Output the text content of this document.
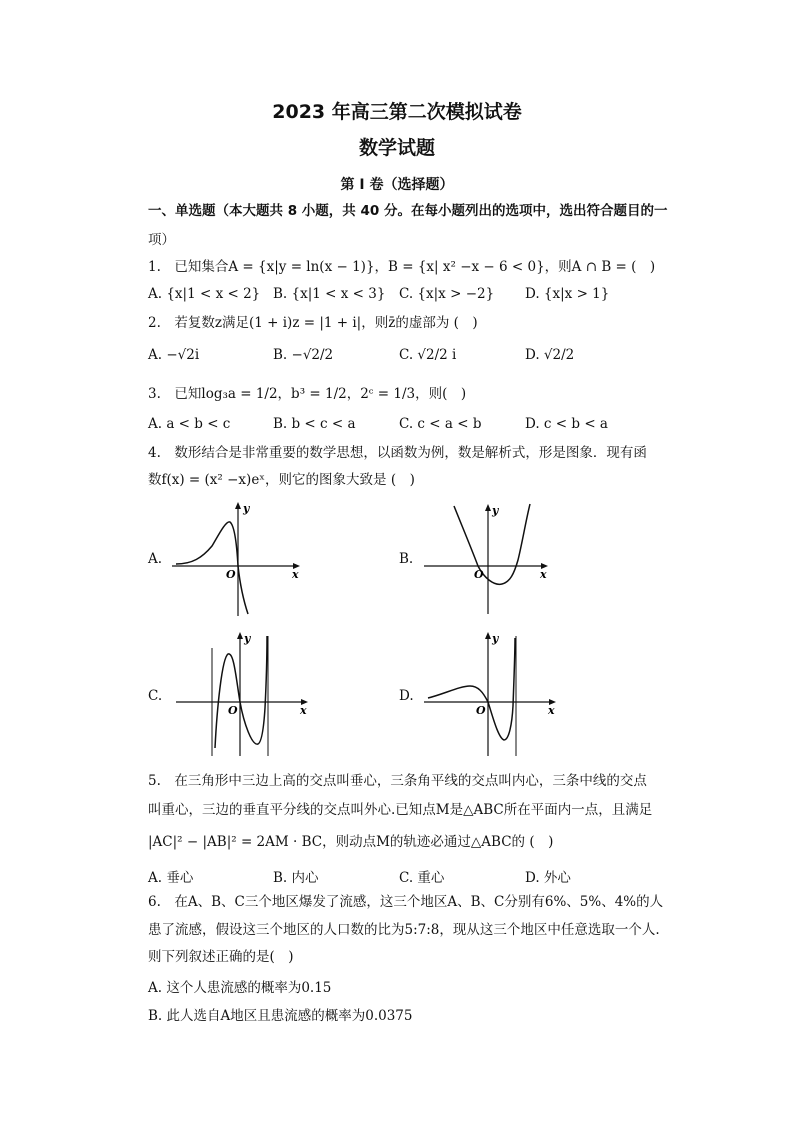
2023 年高三第二次模拟试卷
数学试题
第 I 卷（选择题）
一、单选题（本大题共 8 小题，共 40 分。在每小题列出的选项中，选出符合题目的一
项）
1.　已知集合A = {x|y = ln(x − 1)}，B = {x| x² −x − 6 < 0}，则A ∩ B = (　)
A. {x|1 < x < 2} B. {x|1 < x < 3} C. {x|x > −2} D. {x|x > 1}
2.　若复数z满足(1 + i)z = |1 + i|，则z̄的虚部为 (　)
A. −√2i	B. −√2/2	C. √2/2 i	D. √2/2
3.　已知log₃a = 1/2，b³ = 1/2，2ᶜ = 1/3，则(　)
A. a < b < c	B. b < c < a	C. c < a < b	D. c < b < a
4.　数形结合是非常重要的数学思想，以函数为例，数是解析式，形是图象．现有函
数f(x) = (x² −x)eˣ，则它的图象大致是 (　)
A.
y
x
O
B.
y
x
O
C.
y
x
O
D.
y
x
O
5.　在三角形中三边上高的交点叫垂心，三条角平线的交点叫内心，三条中线的交点
叫重心，三边的垂直平分线的交点叫外心.已知点M是△ABC所在平面内一点，且满足
|AC|² − |AB|² = 2AM · BC，则动点M的轨迹必通过△ABC的 (　)
A. 垂心	B. 内心	C. 重心	D. 外心
6.　在A、B、C三个地区爆发了流感，这三个地区A、B、C分别有6%、5%、4%的人
患了流感，假设这三个地区的人口数的比为5:7:8，现从这三个地区中任意选取一个人.
则下列叙述正确的是(　)
A. 这个人患流感的概率为0.15
B. 此人选自A地区且患流感的概率为0.0375
